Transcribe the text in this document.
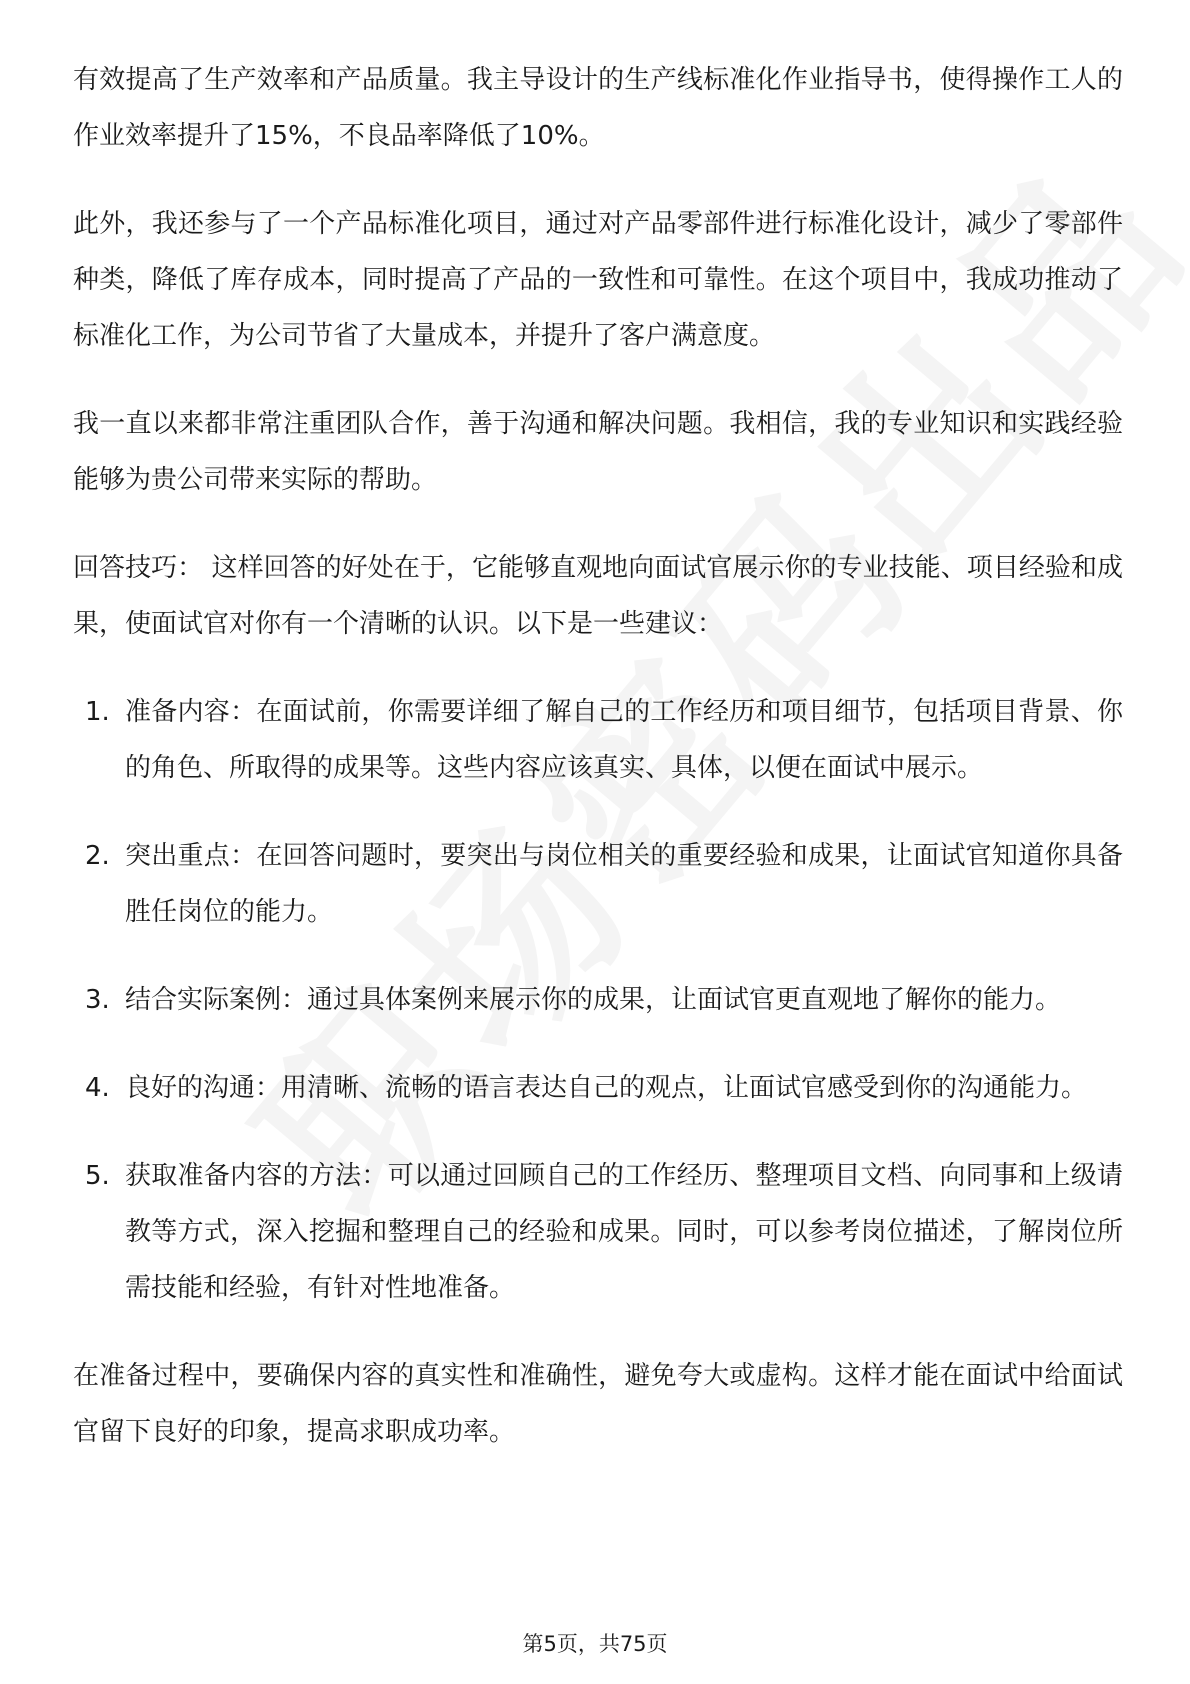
有效提高了生产效率和产品质量。我主导设计的生产线标准化作业指导书，使得操作工人的作业效率提升了15%，不良品率降低了10%。

此外，我还参与了一个产品标准化项目，通过对产品零部件进行标准化设计，减少了零部件种类，降低了库存成本，同时提高了产品的一致性和可靠性。在这个项目中，我成功推动了标准化工作，为公司节省了大量成本，并提升了客户满意度。

我一直以来都非常注重团队合作，善于沟通和解决问题。我相信，我的专业知识和实践经验能够为贵公司带来实际的帮助。

回答技巧： 这样回答的好处在于，它能够直观地向面试官展示你的专业技能、项目经验和成果，使面试官对你有一个清晰的认识。以下是一些建议：

1. 准备内容：在面试前，你需要详细了解自己的工作经历和项目细节，包括项目背景、你的角色、所取得的成果等。这些内容应该真实、具体，以便在面试中展示。
2. 突出重点：在回答问题时，要突出与岗位相关的重要经验和成果，让面试官知道你具备胜任岗位的能力。
3. 结合实际案例：通过具体案例来展示你的成果，让面试官更直观地了解你的能力。
4. 良好的沟通：用清晰、流畅的语言表达自己的观点，让面试官感受到你的沟通能力。
5. 获取准备内容的方法：可以通过回顾自己的工作经历、整理项目文档、向同事和上级请教等方式，深入挖掘和整理自己的经验和成果。同时，可以参考岗位描述，了解岗位所需技能和经验，有针对性地准备。

在准备过程中，要确保内容的真实性和准确性，避免夸大或虚构。这样才能在面试中给面试官留下良好的印象，提高求职成功率。

第5页，共75页
